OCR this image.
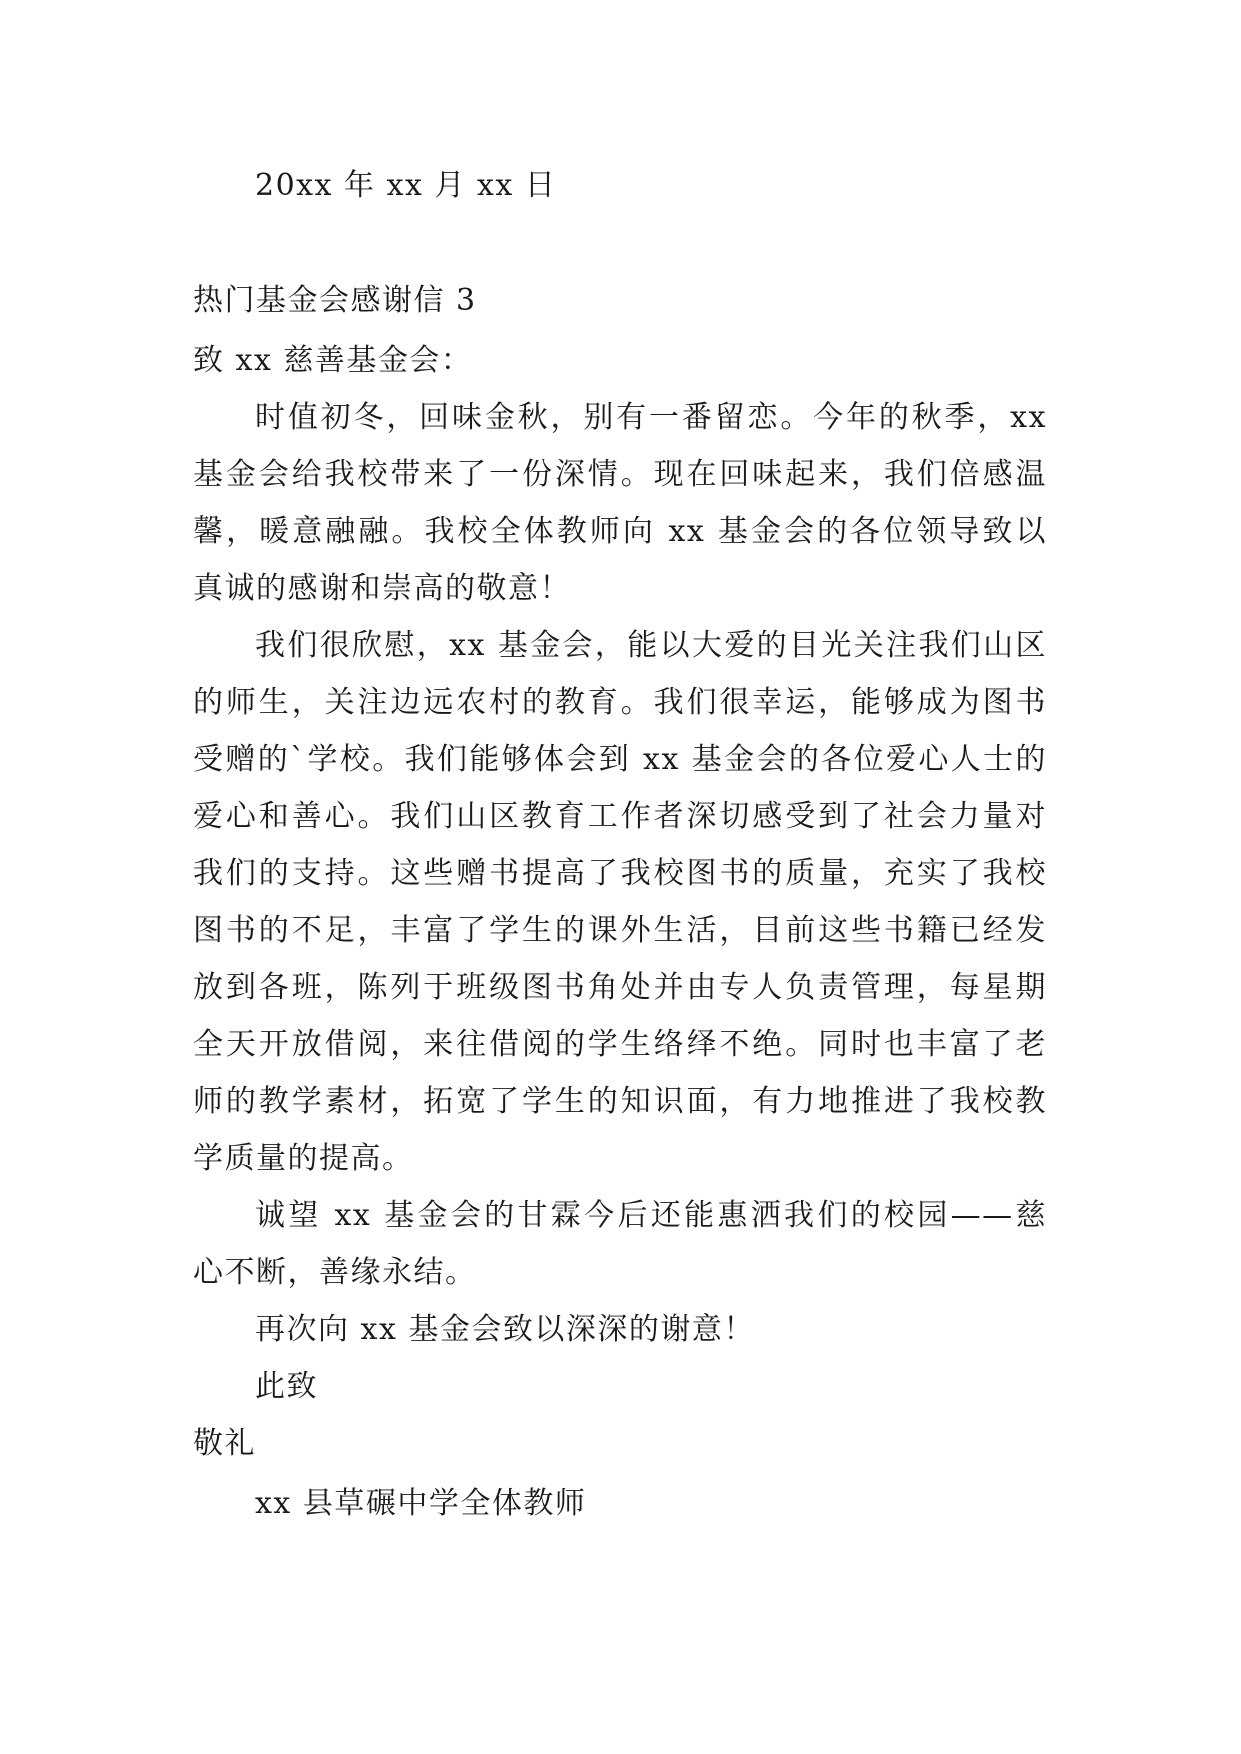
20xx 年 xx 月 xx 日
热门基金会感谢信 3
致 xx 慈善基金会：
时值初冬，回味金秋，别有一番留恋。今年的秋季，xx
基金会给我校带来了一份深情。现在回味起来，我们倍感温
馨，暖意融融。我校全体教师向 xx 基金会的各位领导致以
真诚的感谢和崇高的敬意！
我们很欣慰，xx 基金会，能以大爱的目光关注我们山区
的师生，关注边远农村的教育。我们很幸运，能够成为图书
受赠的`学校。我们能够体会到 xx 基金会的各位爱心人士的
爱心和善心。我们山区教育工作者深切感受到了社会力量对
我们的支持。这些赠书提高了我校图书的质量，充实了我校
图书的不足，丰富了学生的课外生活，目前这些书籍已经发
放到各班，陈列于班级图书角处并由专人负责管理，每星期
全天开放借阅，来往借阅的学生络绎不绝。同时也丰富了老
师的教学素材，拓宽了学生的知识面，有力地推进了我校教
学质量的提高。
诚望 xx 基金会的甘霖今后还能惠洒我们的校园——慈
心不断，善缘永结。
再次向 xx 基金会致以深深的谢意！
此致
敬礼
xx 县草碾中学全体教师
